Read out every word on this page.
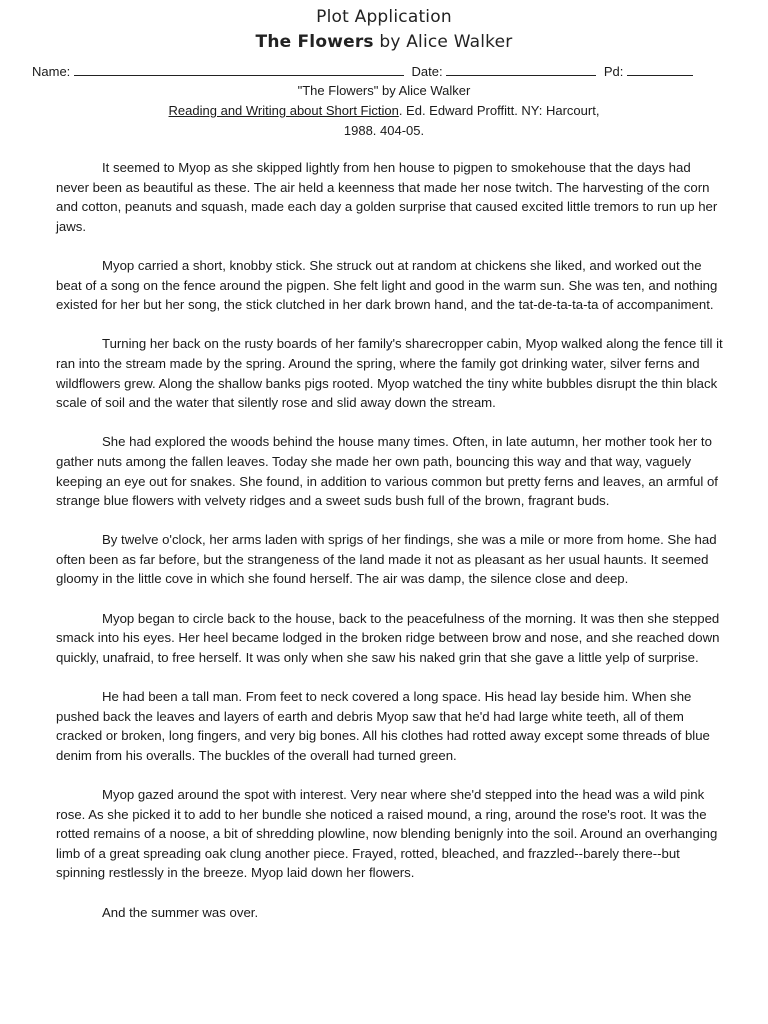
Plot Application
The Flowers by Alice Walker
Name:	Date:	Pd:
"The Flowers" by Alice Walker
Reading and Writing about Short Fiction. Ed. Edward Proffitt. NY: Harcourt,
1988. 404-05.

It seemed to Myop as she skipped lightly from hen house to pigpen to smokehouse that the days had never been as beautiful as these. The air held a keenness that made her nose twitch. The harvesting of the corn and cotton, peanuts and squash, made each day a golden surprise that caused excited little tremors to run up her jaws.

Myop carried a short, knobby stick. She struck out at random at chickens she liked, and worked out the beat of a song on the fence around the pigpen. She felt light and good in the warm sun. She was ten, and nothing existed for her but her song, the stick clutched in her dark brown hand, and the tat-de-ta-ta-ta of accompaniment.

Turning her back on the rusty boards of her family's sharecropper cabin, Myop walked along the fence till it ran into the stream made by the spring. Around the spring, where the family got drinking water, silver ferns and wildflowers grew. Along the shallow banks pigs rooted. Myop watched the tiny white bubbles disrupt the thin black scale of soil and the water that silently rose and slid away down the stream.

She had explored the woods behind the house many times. Often, in late autumn, her mother took her to gather nuts among the fallen leaves. Today she made her own path, bouncing this way and that way, vaguely keeping an eye out for snakes. She found, in addition to various common but pretty ferns and leaves, an armful of strange blue flowers with velvety ridges and a sweet suds bush full of the brown, fragrant buds.

By twelve o'clock, her arms laden with sprigs of her findings, she was a mile or more from home. She had often been as far before, but the strangeness of the land made it not as pleasant as her usual haunts. It seemed gloomy in the little cove in which she found herself. The air was damp, the silence close and deep.

Myop began to circle back to the house, back to the peacefulness of the morning. It was then she stepped smack into his eyes. Her heel became lodged in the broken ridge between brow and nose, and she reached down quickly, unafraid, to free herself. It was only when she saw his naked grin that she gave a little yelp of surprise.

He had been a tall man. From feet to neck covered a long space. His head lay beside him. When she pushed back the leaves and layers of earth and debris Myop saw that he'd had large white teeth, all of them cracked or broken, long fingers, and very big bones. All his clothes had rotted away except some threads of blue denim from his overalls. The buckles of the overall had turned green.

Myop gazed around the spot with interest. Very near where she'd stepped into the head was a wild pink rose. As she picked it to add to her bundle she noticed a raised mound, a ring, around the rose's root. It was the rotted remains of a noose, a bit of shredding plowline, now blending benignly into the soil. Around an overhanging limb of a great spreading oak clung another piece. Frayed, rotted, bleached, and frazzled--barely there--but spinning restlessly in the breeze. Myop laid down her flowers.

And the summer was over.
